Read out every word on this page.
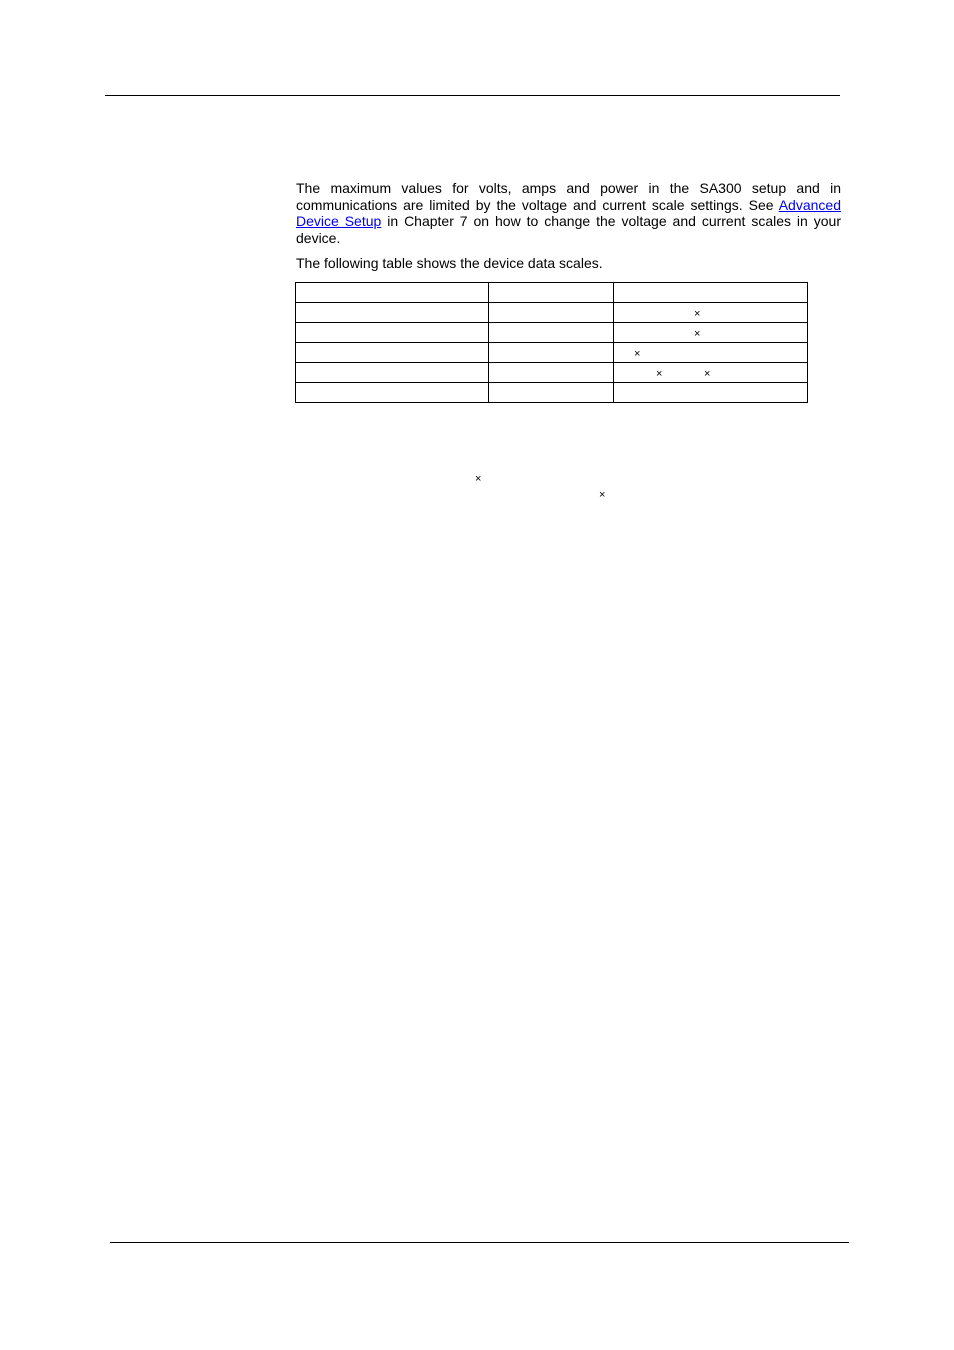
The maximum values for volts, amps and power in the SA300 setup and in communications are limited by the voltage and current scale settings. See Advanced Device Setup in Chapter 7 on how to change the voltage and current scales in your device.

The following table shows the device data scales.

		×

		×

		×

		× ×

×
×
